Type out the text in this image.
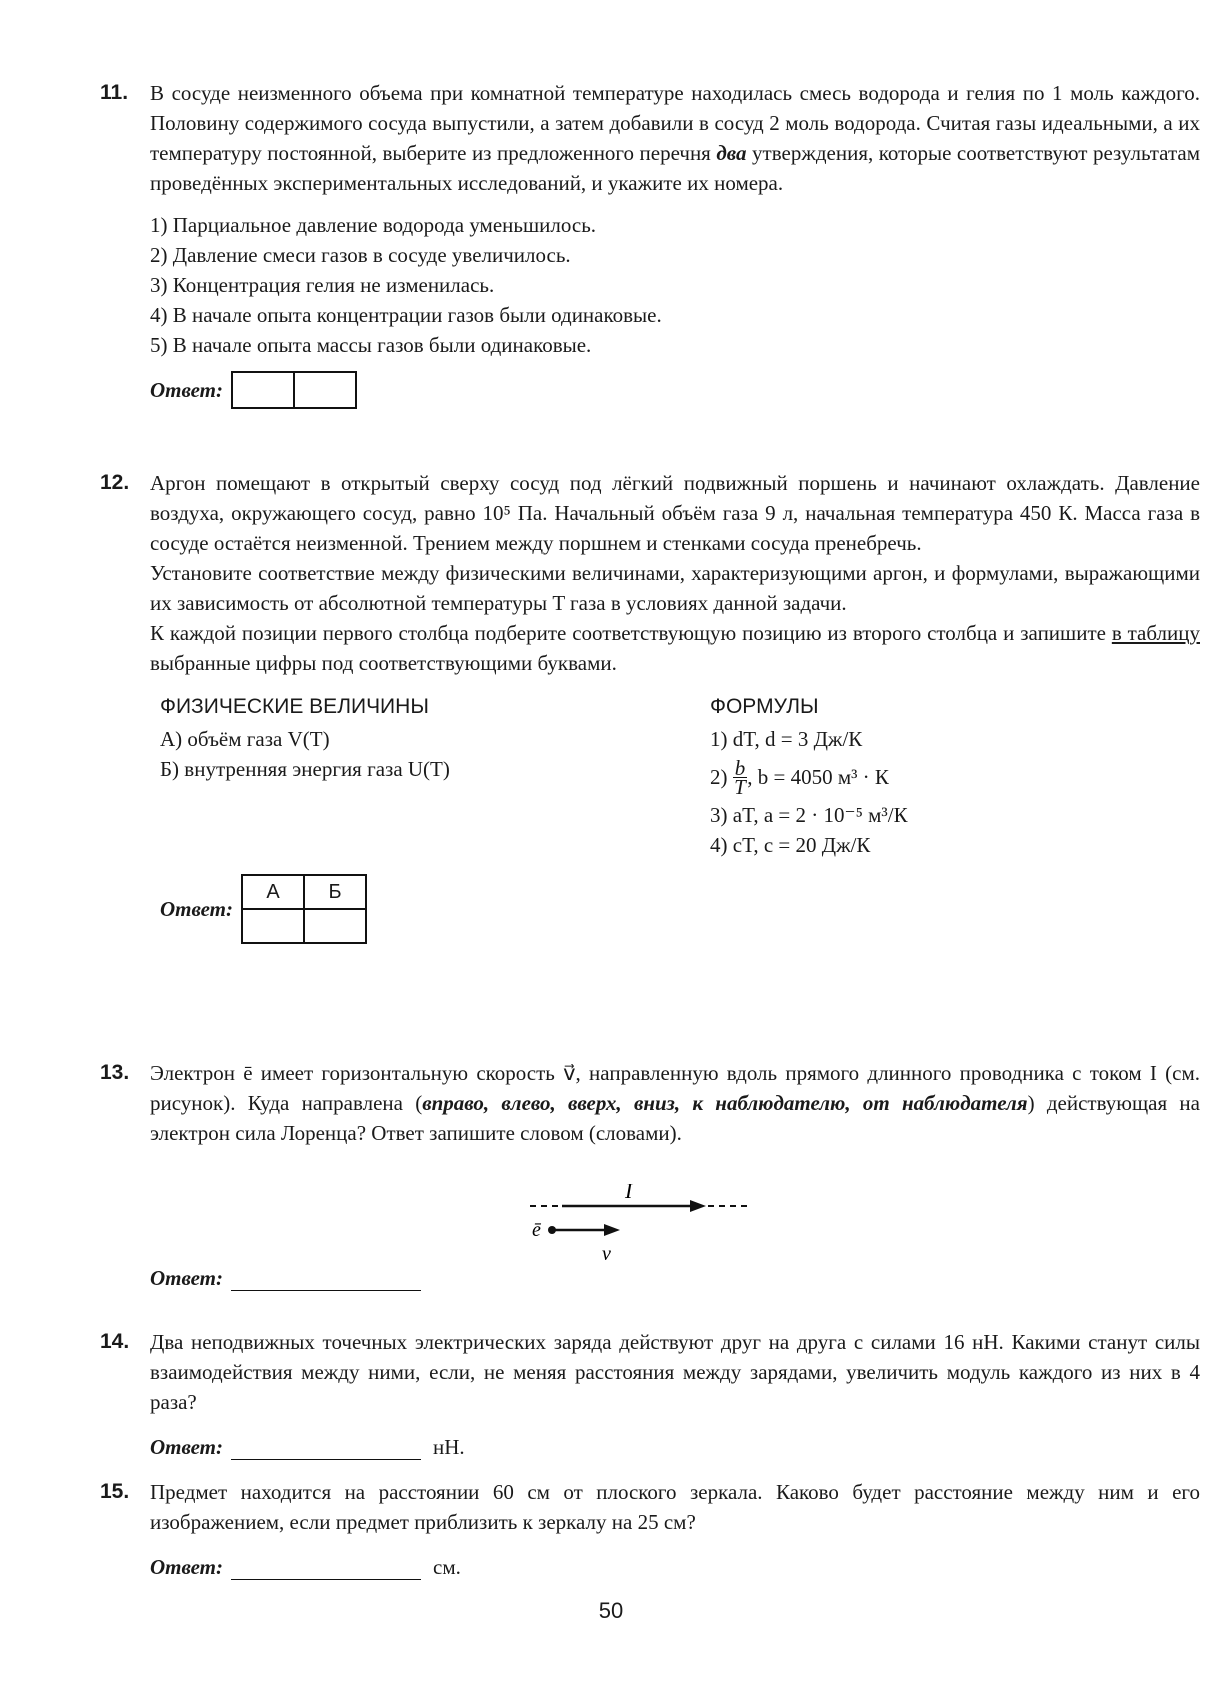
11. В сосуде неизменного объема при комнатной температуре находилась смесь водорода и гелия по 1 моль каждого. Половину содержимого сосуда выпустили, а затем добавили в сосуд 2 моль водорода. Считая газы идеальными, а их температуру постоянной, выберите из предложенного перечня два утверждения, которые соответствуют результатам проведённых экспериментальных исследований, и укажите их номера.
1) Парциальное давление водорода уменьшилось.
2) Давление смеси газов в сосуде увеличилось.
3) Концентрация гелия не изменилась.
4) В начале опыта концентрации газов были одинаковые.
5) В начале опыта массы газов были одинаковые.
Ответ:
12. Аргон помещают в открытый сверху сосуд под лёгкий подвижный поршень и начинают охлаждать. Давление воздуха, окружающего сосуд, равно 10⁵ Па. Начальный объём газа 9 л, начальная температура 450 К. Масса газа в сосуде остаётся неизменной. Трением между поршнем и стенками сосуда пренебречь.

Установите соответствие между физическими величинами, характеризующими аргон, и формулами, выражающими их зависимость от абсолютной температуры T газа в условиях данной задачи.

К каждой позиции первого столбца подберите соответствующую позицию из второго столбца и запишите в таблицу выбранные цифры под соответствующими буквами.

ФИЗИЧЕСКИЕ ВЕЛИЧИНЫ
А) объём газа V(T)
Б) внутренняя энергия газа U(T)
ФОРМУЛЫ
1) dT, d = 3 Дж/К
2)
$\frac{b}{T}$ , b = 4050 м³ · К
3) aT, a = 2 · 10⁻⁵ м³/К
4) cT, c = 20 Дж/К
Ответ:
А	Б

13. Электрон ē имеет горизонтальную скорость v⃗, направленную вдоль прямого длинного проводника с током I (см. рисунок). Куда направлена (вправо, влево, вверх, вниз, к наблюдателю, от наблюдателя) действующая на электрон сила Лоренца? Ответ запишите словом (словами).
I
ē
v⃗
Ответ:
14. Два неподвижных точечных электрических заряда действуют друг на друга с силами 16 нН. Какими станут силы взаимодействия между ними, если, не меняя расстояния между зарядами, увеличить модуль каждого из них в 4 раза?
Ответ:	нН.
15. Предмет находится на расстоянии 60 см от плоского зеркала. Каково будет расстояние между ним и его изображением, если предмет приблизить к зеркалу на 25 см?
Ответ:	см.
50
